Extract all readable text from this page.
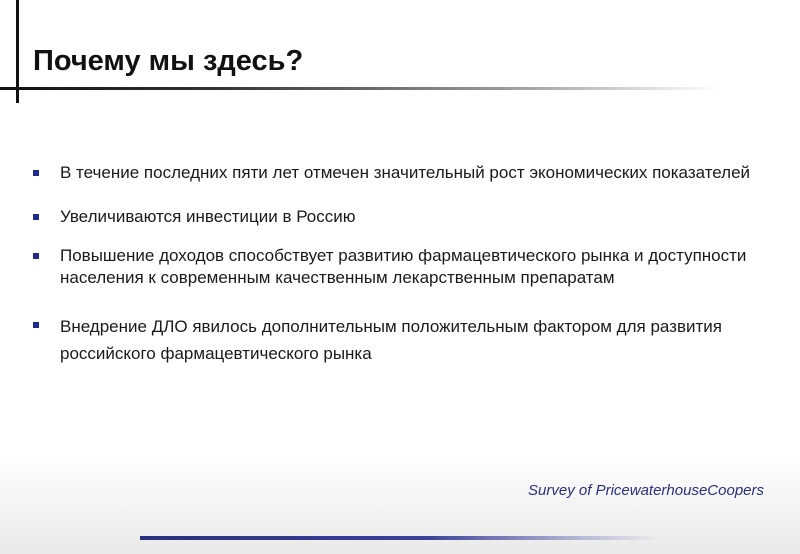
Почему мы здесь?
В течение последних пяти лет отмечен значительный рост экономических показателей
Увеличиваются инвестиции в Россию
Повышение доходов способствует развитию фармацевтического рынка и доступности населения к современным качественным лекарственным препаратам
Внедрение ДЛО явилось дополнительным положительным фактором для развития российского фармацевтического рынка
Survey of PricewaterhouseCoopers
